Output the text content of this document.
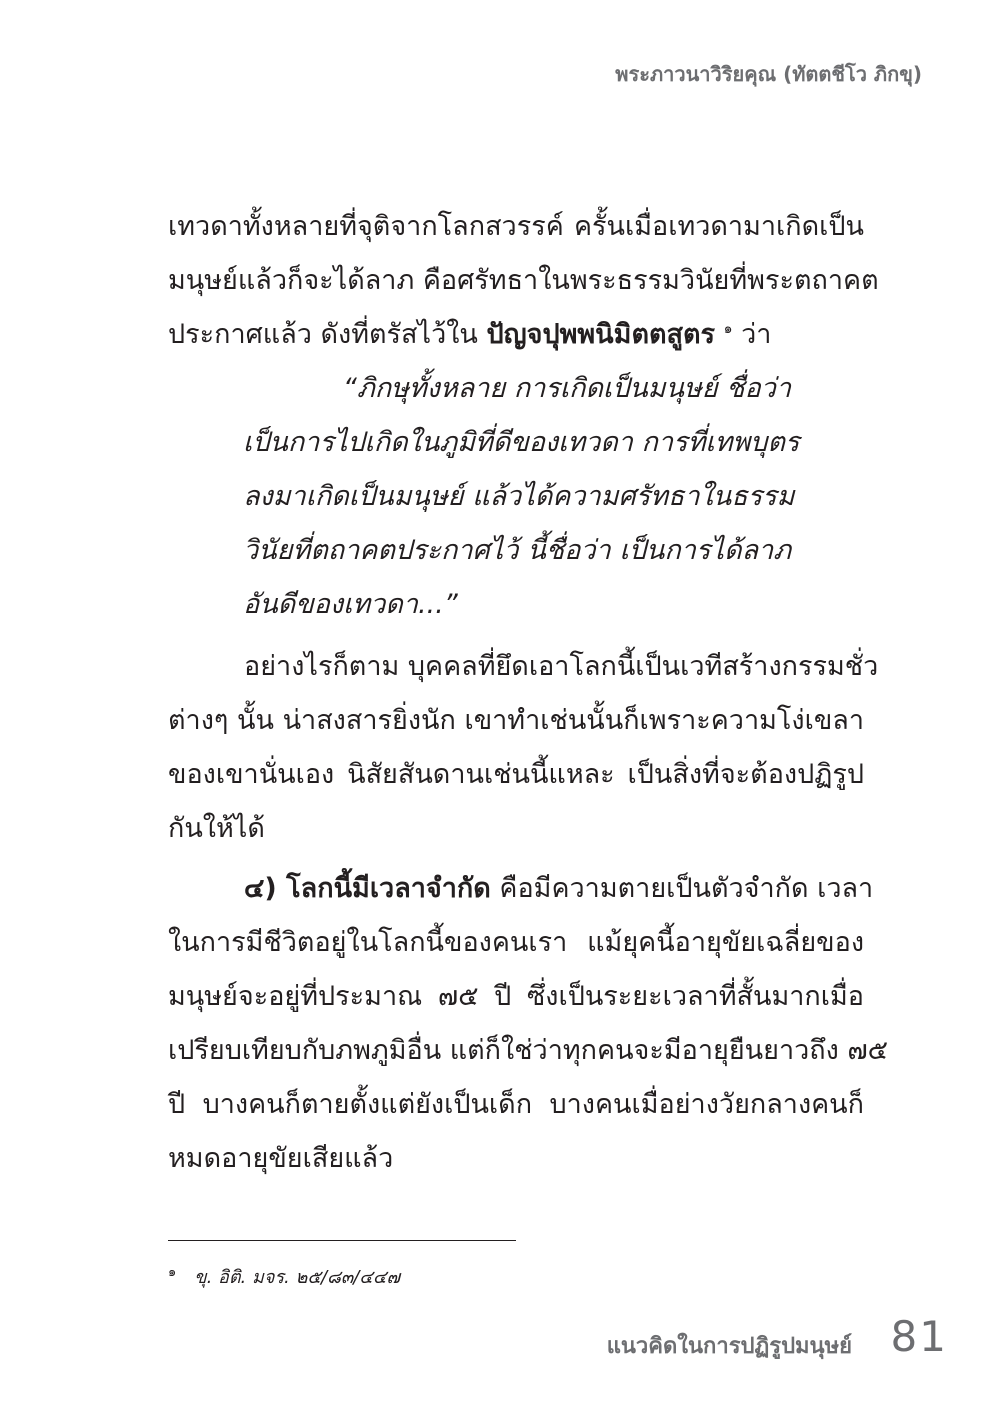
พระภาวนาวิริยคุณ (ทัตตชีโว ภิกขุ)
เทวดาทั้งหลายที่จุติจากโลกสวรรค์ ครั้นเมื่อเทวดามาเกิดเป็น
มนุษย์แล้วก็จะได้ลาภ คือศรัทธาในพระธรรมวินัยที่พระตถาคต
ประกาศแล้ว ดังที่ตรัสไว้ใน ปัญจปุพพนิมิตตสูตร $^๑$ ว่า
“ภิกษุทั้งหลาย การเกิดเป็นมนุษย์ ชื่อว่า
เป็นการไปเกิดในภูมิที่ดีของเทวดา การที่เทพบุตร
ลงมาเกิดเป็นมนุษย์ แล้วได้ความศรัทธาในธรรม
วินัยที่ตถาคตประกาศไว้ นี้ชื่อว่า เป็นการได้ลาภ
อันดีของเทวดา...”
อย่างไรก็ตาม บุคคลที่ยึดเอาโลกนี้เป็นเวทีสร้างกรรมชั่ว
ต่างๆ นั้น น่าสงสารยิ่งนัก เขาทำเช่นนั้นก็เพราะความโง่เขลา
ของเขานั่นเอง นิสัยสันดานเช่นนี้แหละ เป็นสิ่งที่จะต้องปฏิรูป
กันให้ได้
๔) โลกนี้มีเวลาจำกัด คือมีความตายเป็นตัวจำกัด เวลา
ในการมีชีวิตอยู่ในโลกนี้ของคนเรา แม้ยุคนี้อายุขัยเฉลี่ยของ
มนุษย์จะอยู่ที่ประมาณ ๗๕ ปี ซึ่งเป็นระยะเวลาที่สั้นมากเมื่อ
เปรียบเทียบกับภพภูมิอื่น แต่ก็ใช่ว่าทุกคนจะมีอายุยืนยาวถึง ๗๕
ปี บางคนก็ตายตั้งแต่ยังเป็นเด็ก บางคนเมื่อย่างวัยกลางคนก็
หมดอายุขัยเสียแล้ว
$^๑$ ขุ. อิติ. มจร. ๒๕/๘๓/๔๔๗
แนวคิดในการปฏิรูปมนุษย์ 81
